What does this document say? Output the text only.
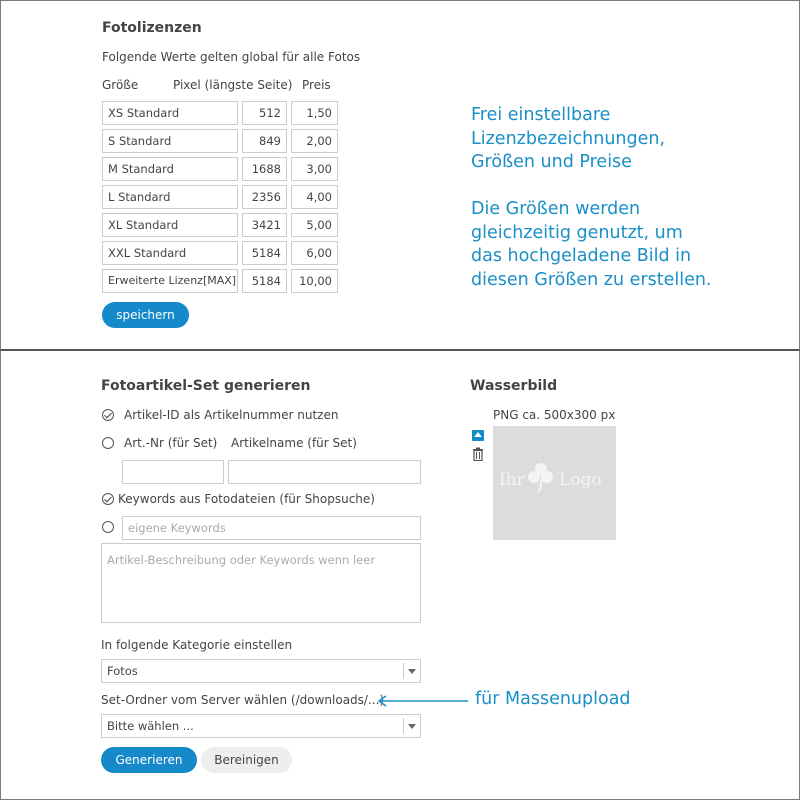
Fotolizenzen
Folgende Werte gelten global für alle Fotos
Größe	Pixel (längste Seite) Preis
XS Standard	512	1,50
S Standard	849	2,00
M Standard	1688	3,00
L Standard	2356	4,00
XL Standard	3421	5,00
XXL Standard	5184	6,00
Erweiterte Lizenz[MAX]	5184	10,00
speichern
Frei einstellbare
Lizenzbezeichnungen,
Größen und Preise
Die Größen werden
gleichzeitig genutzt, um
das hochgeladene Bild in
diesen Größen zu erstellen.
Fotoartikel-Set generieren
Artikel-ID als Artikelnummer nutzen
Art.-Nr (für Set) Artikelname (für Set)
Keywords aus Fotodateien (für Shopsuche)
eigene Keywords
Artikel-Beschreibung oder Keywords wenn leer
In folgende Kategorie einstellen
Fotos
Set-Ordner vom Server wählen (/downloads/...)
Bitte wählen ...
Generieren	Bereinigen
für Massenupload
Wasserbild
PNG ca. 500x300 px
Ihr Logo
